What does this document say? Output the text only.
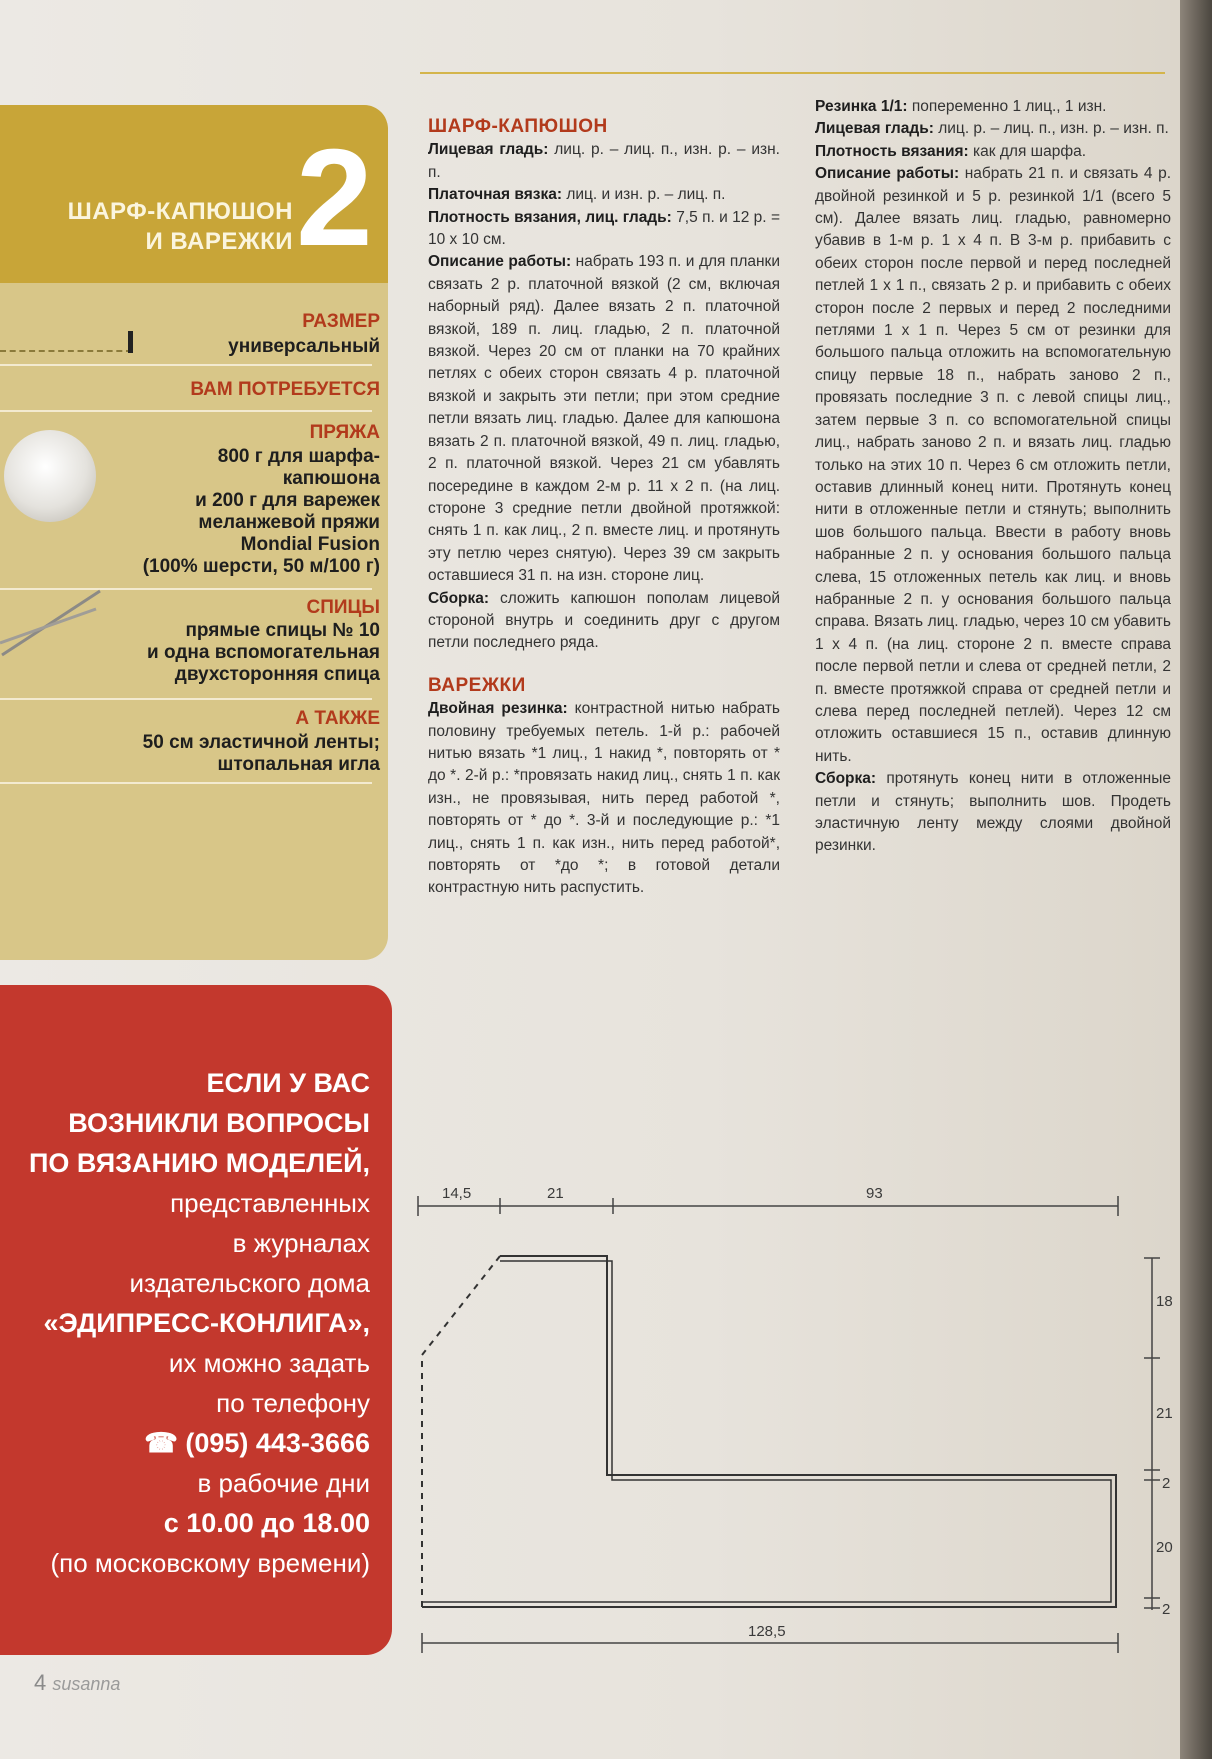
ШАРФ-КАПЮШОН
И ВАРЕЖКИ 2
РАЗМЕР
универсальный
ВАМ ПОТРЕБУЕТСЯ
ПРЯЖА
800 г для шарфа-
капюшона
и 200 г для варежек
меланжевой пряжи
Mondial Fusion
(100% шерсти, 50 м/100 г)
СПИЦЫ
прямые спицы № 10
и одна вспомогательная
двухсторонняя спица
А ТАКЖЕ
50 см эластичной ленты;
штопальная игла
ЕСЛИ У ВАС
ВОЗНИКЛИ ВОПРОСЫ
ПО ВЯЗАНИЮ МОДЕЛЕЙ,
представленных
в журналах
издательского дома
«ЭДИПРЕСС-КОНЛИГА»,
их можно задать
по телефону
☎ (095) 443-3666
в рабочие дни
с 10.00 до 18.00
(по московскому времени)
4 susanna
ШАРФ-КАПЮШОН

Лицевая гладь: лиц. р. – лиц. п., изн. р. – изн. п.

Платочная вязка: лиц. и изн. р. – лиц. п.

Плотность вязания, лиц. гладь: 7,5 п. и 12 р. = 10 х 10 см.

Описание работы: набрать 193 п. и для планки связать 2 р. платочной вязкой (2 см, включая наборный ряд). Далее вязать 2 п. платочной вязкой, 189 п. лиц. гладью, 2 п. платочной вязкой. Через 20 см от планки на 70 крайних петлях с обеих сторон связать 4 р. платочной вязкой и закрыть эти петли; при этом средние петли вязать лиц. гладью. Далее для капюшона вязать 2 п. платочной вязкой, 49 п. лиц. гладью, 2 п. платочной вязкой. Через 21 см убавлять посередине в каждом 2-м р. 11 х 2 п. (на лиц. стороне 3 средние петли двойной протяжкой: снять 1 п. как лиц., 2 п. вместе лиц. и протянуть эту петлю через снятую). Через 39 см закрыть оставшиеся 31 п. на изн. стороне лиц.

Сборка: сложить капюшон пополам лицевой стороной внутрь и соединить друг с другом петли последнего ряда.

ВАРЕЖКИ

Двойная резинка: контрастной нитью набрать половину требуемых петель. 1-й р.: рабочей нитью вязать *1 лиц., 1 накид *, повторять от * до *. 2-й р.: *провязать накид лиц., снять 1 п. как изн., не провязывая, нить перед работой *, повторять от * до *. 3-й и последующие р.: *1 лиц., снять 1 п. как изн., нить перед работой*, повторять от *до *; в готовой детали контрастную нить распустить.

Резинка 1/1: попеременно 1 лиц., 1 изн.

Лицевая гладь: лиц. р. – лиц. п., изн. р. – изн. п.

Плотность вязания: как для шарфа.

Описание работы: набрать 21 п. и связать 4 р. двойной резинкой и 5 р. резинкой 1/1 (всего 5 см). Далее вязать лиц. гладью, равномерно убавив в 1-м р. 1 х 4 п. В 3-м р. прибавить с обеих сторон после первой и перед последней петлей 1 х 1 п., связать 2 р. и прибавить с обеих сторон после 2 первых и перед 2 последними петлями 1 х 1 п. Через 5 см от резинки для большого пальца отложить на вспомогательную спицу первые 18 п., набрать заново 2 п., провязать последние 3 п. с левой спицы лиц., затем первые 3 п. со вспомогательной спицы лиц., набрать заново 2 п. и вязать лиц. гладью только на этих 10 п. Через 6 см отложить петли, оставив длинный конец нити. Протянуть конец нити в отложенные петли и стянуть; выполнить шов большого пальца. Ввести в работу вновь набранные 2 п. у основания большого пальца слева, 15 отложенных петель как лиц. и вновь набранные 2 п. у основания большого пальца справа. Вязать лиц. гладью, через 10 см убавить 1 х 4 п. (на лиц. стороне 2 п. вместе справа после первой петли и слева от средней петли, 2 п. вместе протяжкой справа от средней петли и слева перед последней петлей). Через 12 см отложить оставшиеся 15 п., оставив длинную нить.

Сборка: протянуть конец нити в отложенные петли и стянуть; выполнить шов. Продеть эластичную ленту между слоями двойной резинки.

14,5	21	93
18
21
2
20
2
128,5
